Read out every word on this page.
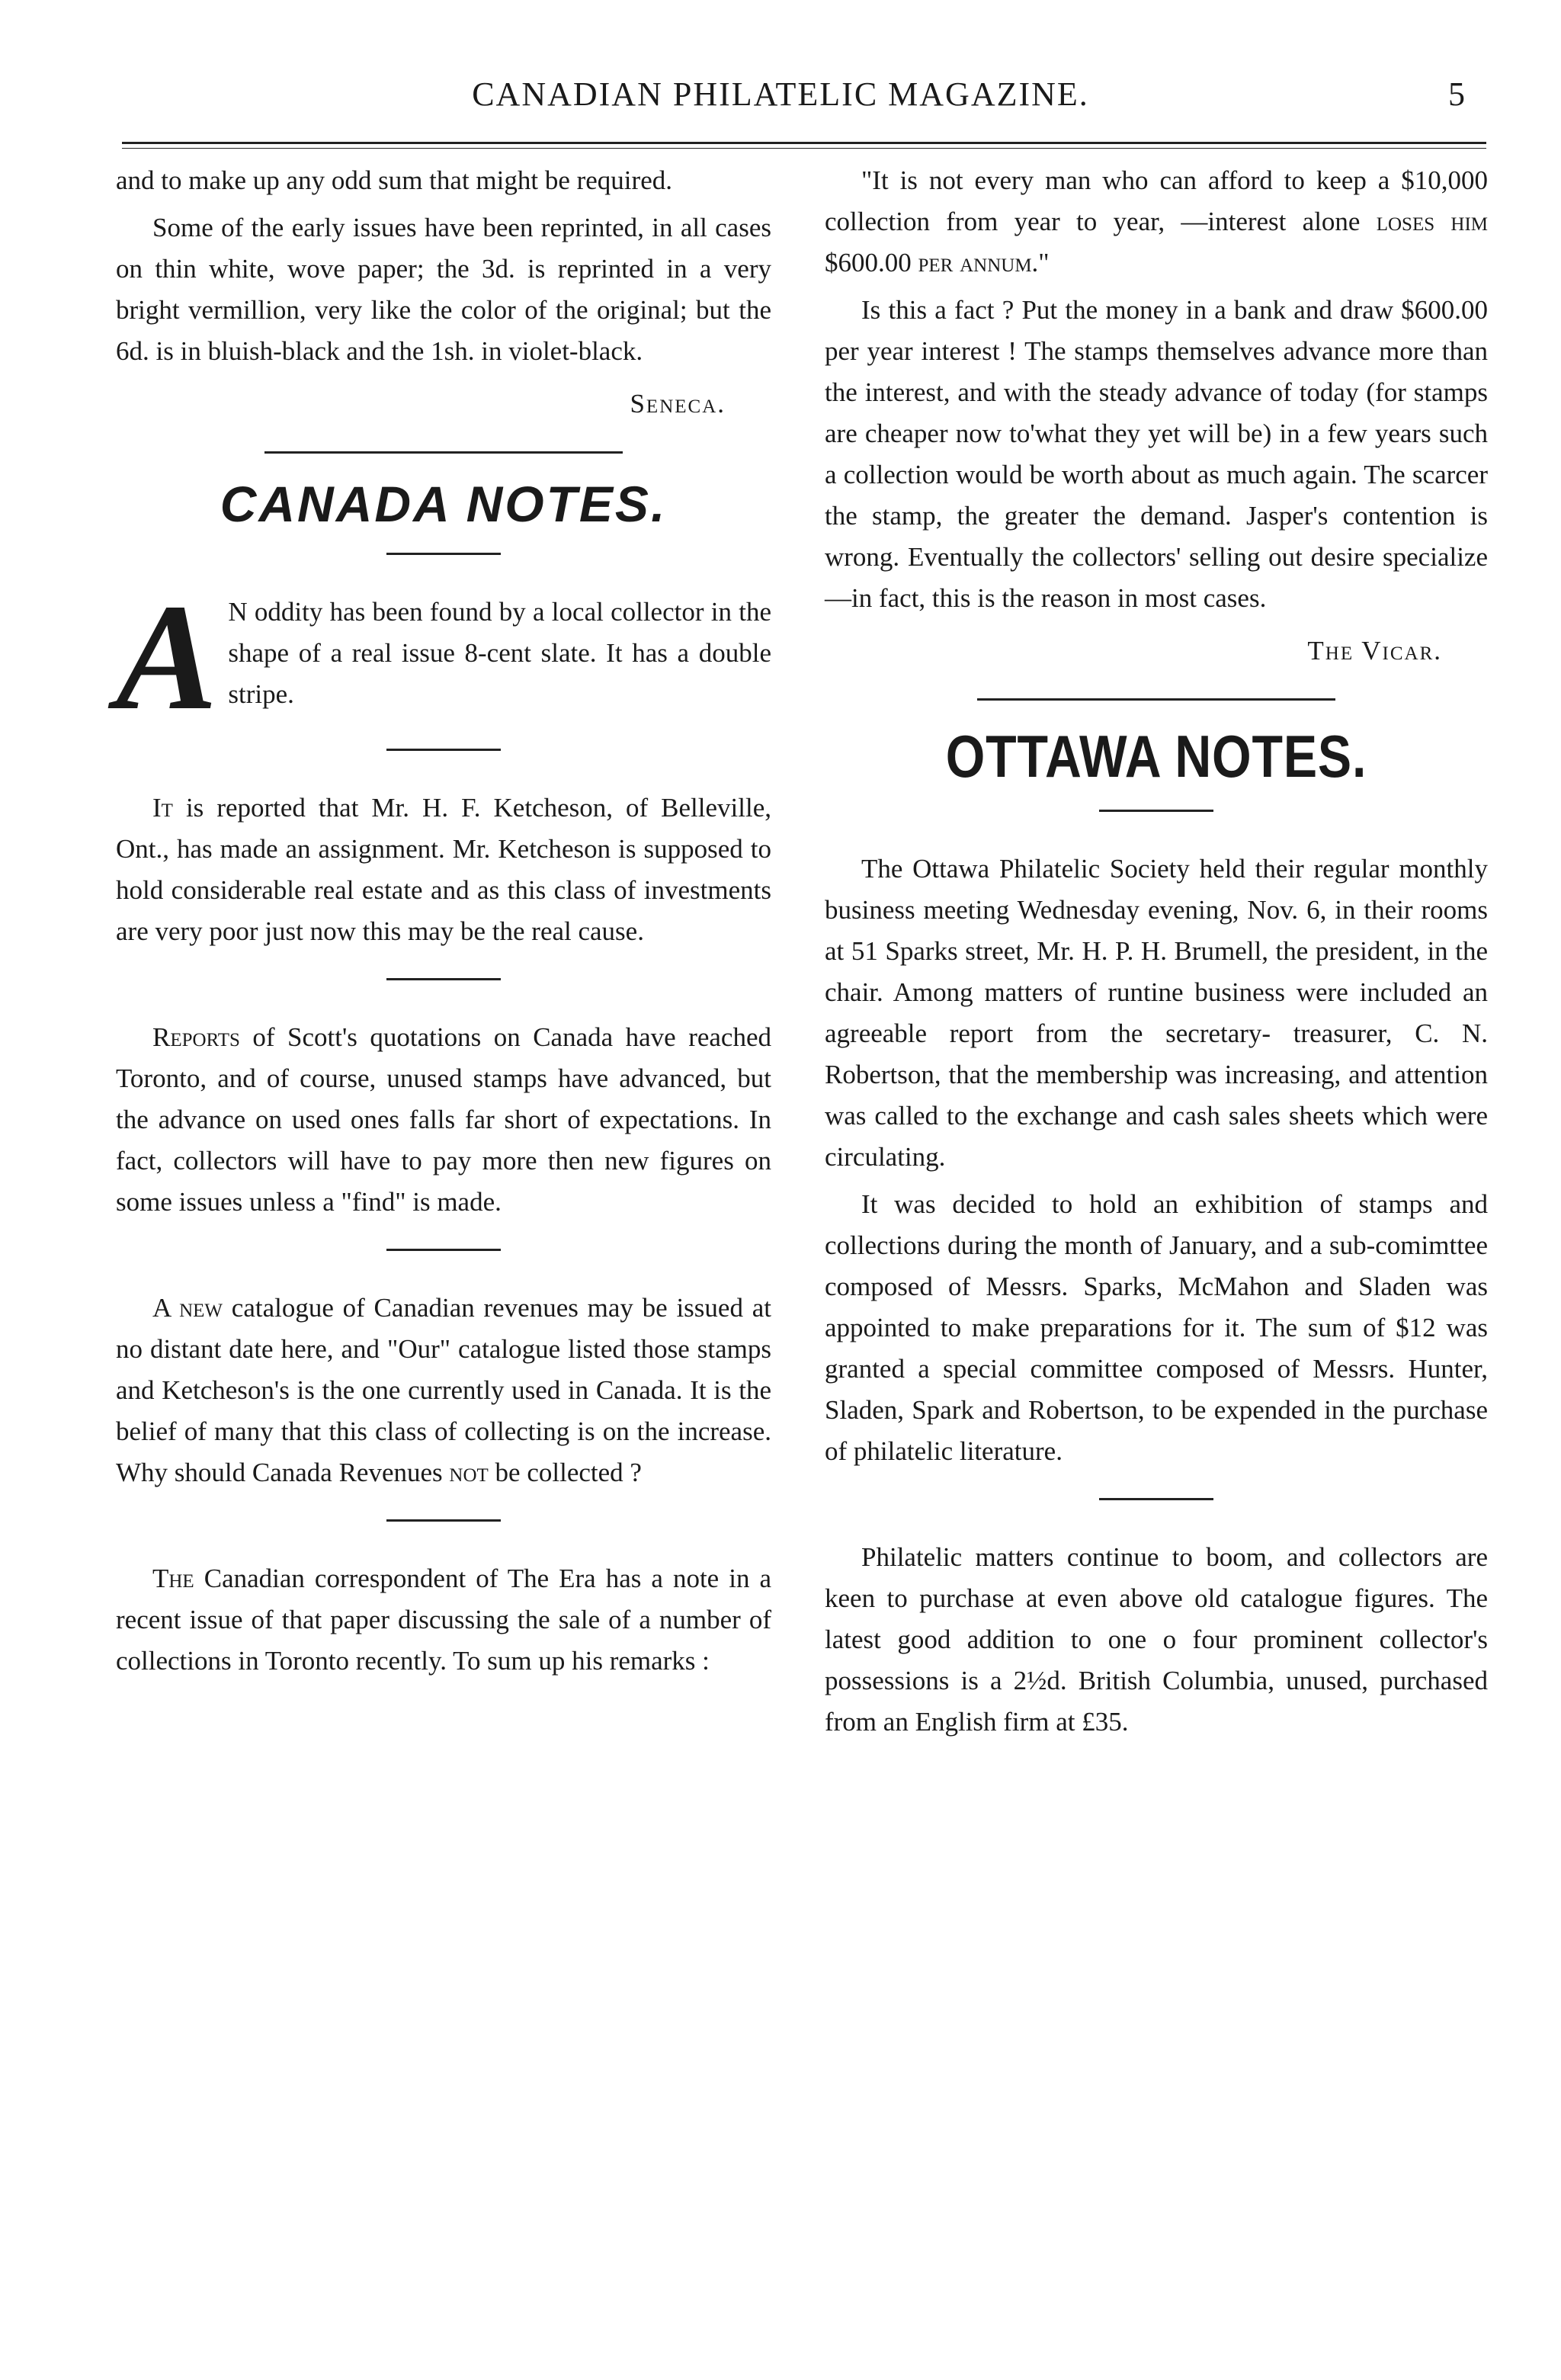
CANADIAN PHILATELIC MAGAZINE.	5

and to make up any odd sum that might be required.

Some of the early issues have been reprinted, in all cases on thin white, wove paper; the 3d. is reprinted in a very bright vermillion, very like the color of the original; but the 6d. is in bluish-black and the 1sh. in violet-black.

Seneca.
CANADA NOTES.
A N oddity has been found by a local collector in the shape of a real issue 8-cent slate. It has a double stripe.

It is reported that Mr. H. F. Ketcheson, of Belleville, Ont., has made an assignment. Mr. Ketcheson is supposed to hold considerable real estate and as this class of investments are very poor just now this may be the real cause.

Reports of Scott's quotations on Canada have reached Toronto, and of course, unused stamps have advanced, but the advance on used ones falls far short of expectations. In fact, collectors will have to pay more then new figures on some issues unless a "find" is made.

A new catalogue of Canadian revenues may be issued at no distant date here, and "Our" catalogue listed those stamps and Ketcheson's is the one currently used in Canada. It is the belief of many that this class of collecting is on the increase. Why should Canada Revenues not be collected ?

The Canadian correspondent of The Era has a note in a recent issue of that paper discussing the sale of a number of collections in Toronto recently. To sum up his remarks :

"It is not every man who can afford to keep a $10,000 collection from year to year, —interest alone loses him $600.00 per annum."

Is this a fact ? Put the money in a bank and draw $600.00 per year interest ! The stamps themselves advance more than the interest, and with the steady advance of today (for stamps are cheaper now to'what they yet will be) in a few years such a collection would be worth about as much again. The scarcer the stamp, the greater the demand. Jasper's contention is wrong. Eventually the collectors' selling out desire specialize—in fact, this is the reason in most cases.

The Vicar.
OTTAWA NOTES.

The Ottawa Philatelic Society held their regular monthly business meeting Wednesday evening, Nov. 6, in their rooms at 51 Sparks street, Mr. H. P. H. Brumell, the president, in the chair. Among matters of runtine business were included an agreeable report from the secretary- treasurer, C. N. Robertson, that the membership was increasing, and attention was called to the exchange and cash sales sheets which were circulating.

It was decided to hold an exhibition of stamps and collections during the month of January, and a sub-comimttee composed of Messrs. Sparks, McMahon and Sladen was appointed to make preparations for it. The sum of $12 was granted a special committee composed of Messrs. Hunter, Sladen, Spark and Robertson, to be expended in the purchase of philatelic literature.

Philatelic matters continue to boom, and collectors are keen to purchase at even above old catalogue figures. The latest good addition to one o four prominent collector's possessions is a 2½d. British Columbia, unused, purchased from an English firm at £35.
